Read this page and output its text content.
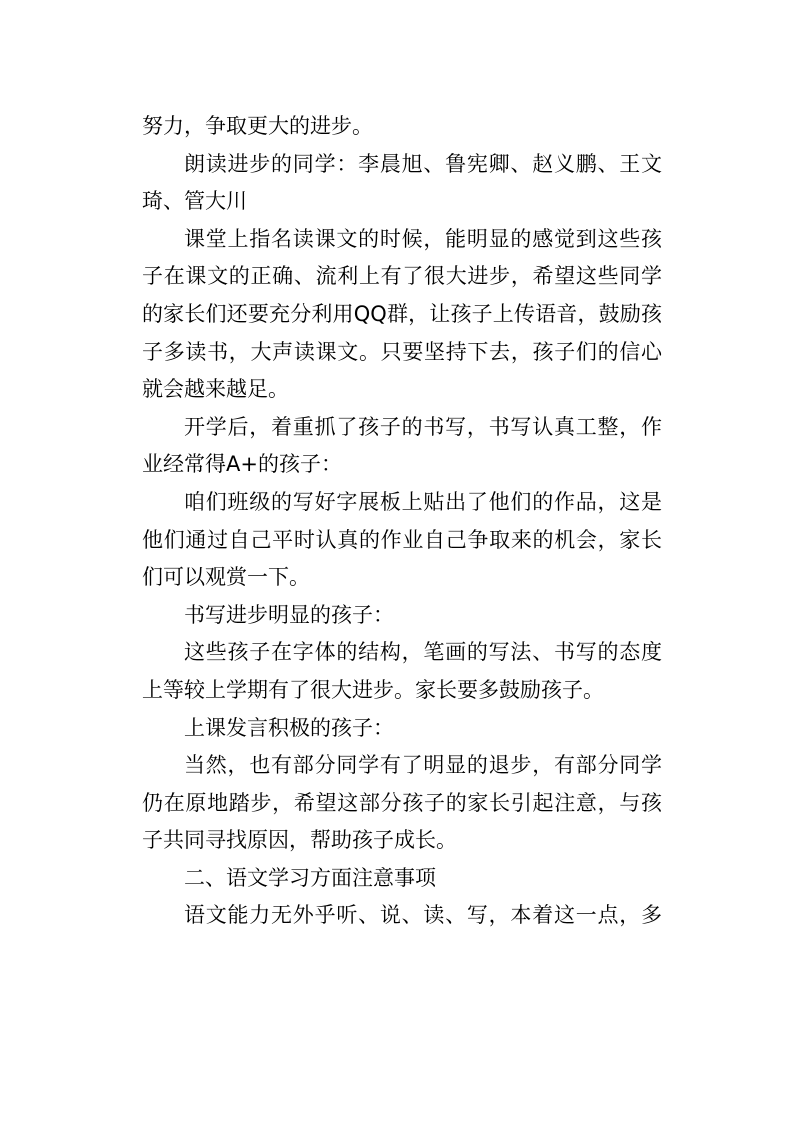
努力，争取更大的进步。
朗读进步的同学：李晨旭、鲁宪卿、赵义鹏、王文
琦、管大川
课堂上指名读课文的时候，能明显的感觉到这些孩
子在课文的正确、流利上有了很大进步，希望这些同学
的家长们还要充分利用QQ群，让孩子上传语音，鼓励孩
子多读书，大声读课文。只要坚持下去，孩子们的信心
就会越来越足。
开学后，着重抓了孩子的书写，书写认真工整，作
业经常得A+的孩子：
咱们班级的写好字展板上贴出了他们的作品，这是
他们通过自己平时认真的作业自己争取来的机会，家长
们可以观赏一下。
书写进步明显的孩子：
这些孩子在字体的结构，笔画的写法、书写的态度
上等较上学期有了很大进步。家长要多鼓励孩子。
上课发言积极的孩子：
当然，也有部分同学有了明显的退步，有部分同学
仍在原地踏步，希望这部分孩子的家长引起注意，与孩
子共同寻找原因，帮助孩子成长。
二、语文学习方面注意事项
语文能力无外乎听、说、读、写，本着这一点，多
